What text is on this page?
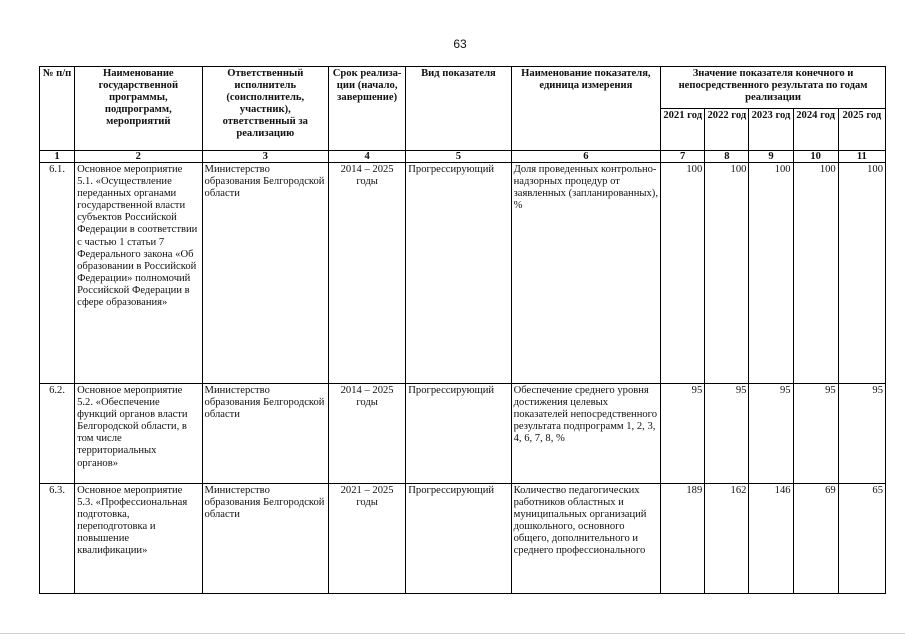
63
№ п/п	Наименование государственной программы, подпрограмм, мероприятий	Ответственный исполнитель (соисполнитель, участник), ответственный за реализацию	Срок реализа-ции (начало, завершение)	Вид показателя	Наименование показателя, единица измерения	Значение показателя конечного и непосредственного результата по годам реализации				
						2021 год	2022 год	2023 год	2024 год	2025 год
1	2	3	4	5	6	7	8	9	10	11
6.1.	Основное мероприятие 5.1. «Осуществление переданных органами государственной власти субъектов Российской Федерации в соответствии с частью 1 статьи 7 Федерального закона «Об образовании в Российской Федерации» полномочий Российской Федерации в сфере образования»	Министерство образования Белгородской области	2014 – 2025 годы	Прогрессирующий	Доля проведенных контрольно-надзорных процедур от заявленных (запланированных), %	100	100	100	100	100
6.2.	Основное мероприятие 5.2. «Обеспечение функций органов власти Белгородской области, в том числе территориальных органов»	Министерство образования Белгородской области	2014 – 2025 годы	Прогрессирующий	Обеспечение среднего уровня достижения целевых показателей непосредственного результата подпрограмм 1, 2, 3, 4, 6, 7, 8, %	95	95	95	95	95
6.3.	Основное мероприятие 5.3. «Профессиональная подготовка, переподготовка и повышение квалификации»	Министерство образования Белгородской области	2021 – 2025 годы	Прогрессирующий	Количество педагогических работников областных и муниципальных организаций дошкольного, основного общего, дополнительного и среднего профессионального	189	162	146	69	65
